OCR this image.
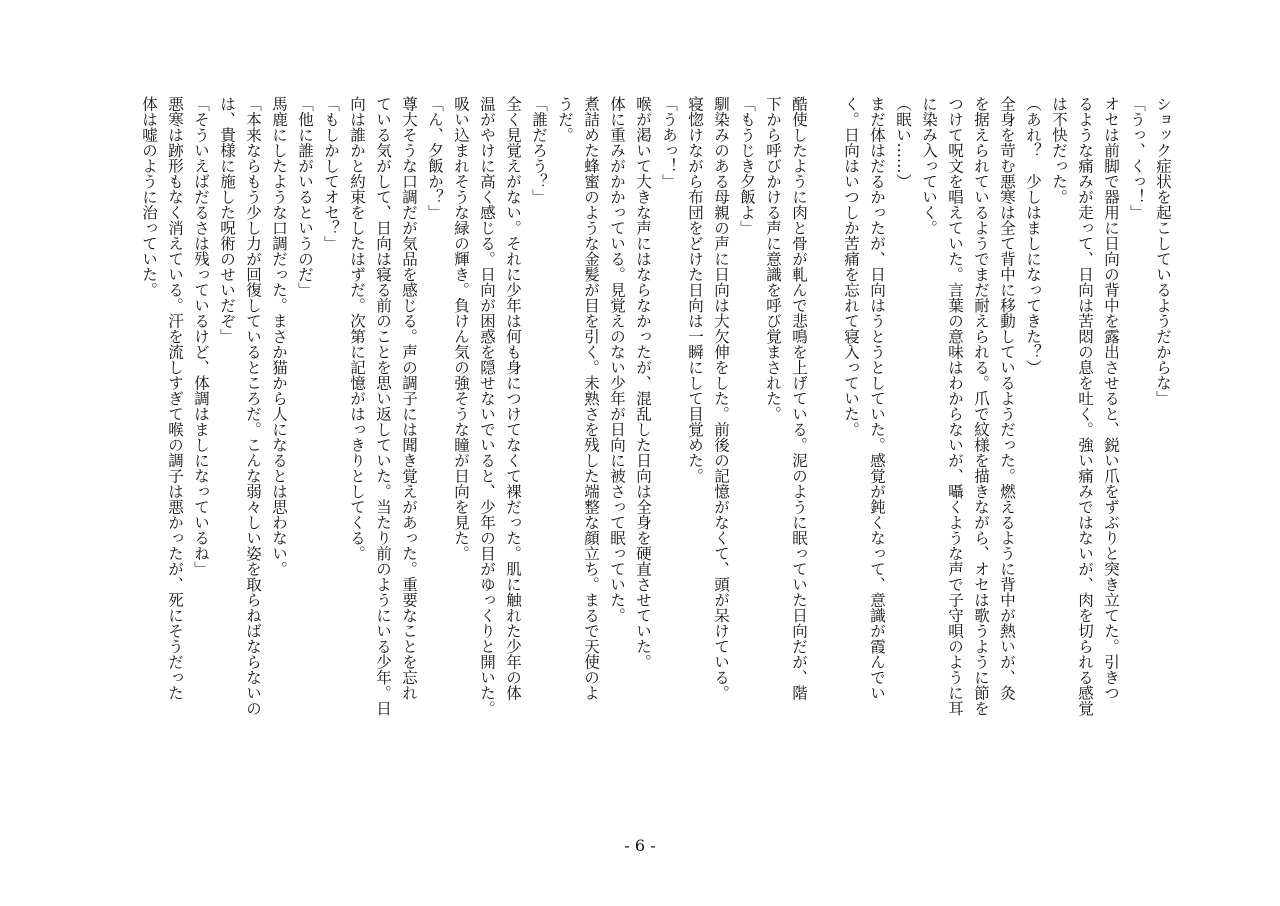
ショック症状を起こしているようだからな」

「うっ、くっ！」

オセは前脚で器用に日向の背中を露出させると、鋭い爪をずぶりと突き立てた。引きつ

るような痛みが走って、日向は苦悶の息を吐く。強い痛みではないが、肉を切られる感覚

は不快だった。

（あれ？　少しはましになってきた？）

全身を苛む悪寒は全て背中に移動しているようだった。燃えるように背中が熱いが、灸

を据えられているようでまだ耐えられる。爪で紋様を描きながら、オセは歌うように節を

つけて呪文を唱えていた。言葉の意味はわからないが、囁くような声で子守唄のように耳

に染み入っていく。

（眠い……）

まだ体はだるかったが、日向はうとうとしていた。感覚が鈍くなって、意識が霞んでい

く。日向はいつしか苦痛を忘れて寝入っていた。

酷使したように肉と骨が軋んで悲鳴を上げている。泥のように眠っていた日向だが、階

下から呼びかける声に意識を呼び覚まされた。

「もうじき夕飯よ」

馴染みのある母親の声に日向は大欠伸をした。前後の記憶がなくて、頭が呆けている。

寝惚けながら布団をどけた日向は一瞬にして目覚めた。

「うあっ！」

喉が渇いて大きな声にはならなかったが、混乱した日向は全身を硬直させていた。

体に重みがかかっている。見覚えのない少年が日向に被さって眠っていた。

煮詰めた蜂蜜のような金髪が目を引く。未熟さを残した端整な顔立ち。まるで天使のよ

うだ。

「誰だろう？」

全く見覚えがない。それに少年は何も身につけてなくて裸だった。肌に触れた少年の体

温がやけに高く感じる。日向が困惑を隠せないでいると、少年の目がゆっくりと開いた。

吸い込まれそうな緑の輝き。負けん気の強そうな瞳が日向を見た。

「ん、夕飯か？」

尊大そうな口調だが気品を感じる。声の調子には聞き覚えがあった。重要なことを忘れ

ている気がして、日向は寝る前のことを思い返していた。当たり前のようにいる少年。日

向は誰かと約束をしたはずだ。次第に記憶がはっきりとしてくる。

「もしかしてオセ？」

「他に誰がいるというのだ」

馬鹿にしたような口調だった。まさか猫から人になるとは思わない。

「本来ならもう少し力が回復しているところだ。こんな弱々しい姿を取らねばならないの

は、貴様に施した呪術のせいだぞ」

「そういえばだるさは残っているけど、体調はましになっているね」

悪寒は跡形もなく消えている。汗を流しすぎて喉の調子は悪かったが、死にそうだった

体は嘘のように治っていた。

- 6 -
